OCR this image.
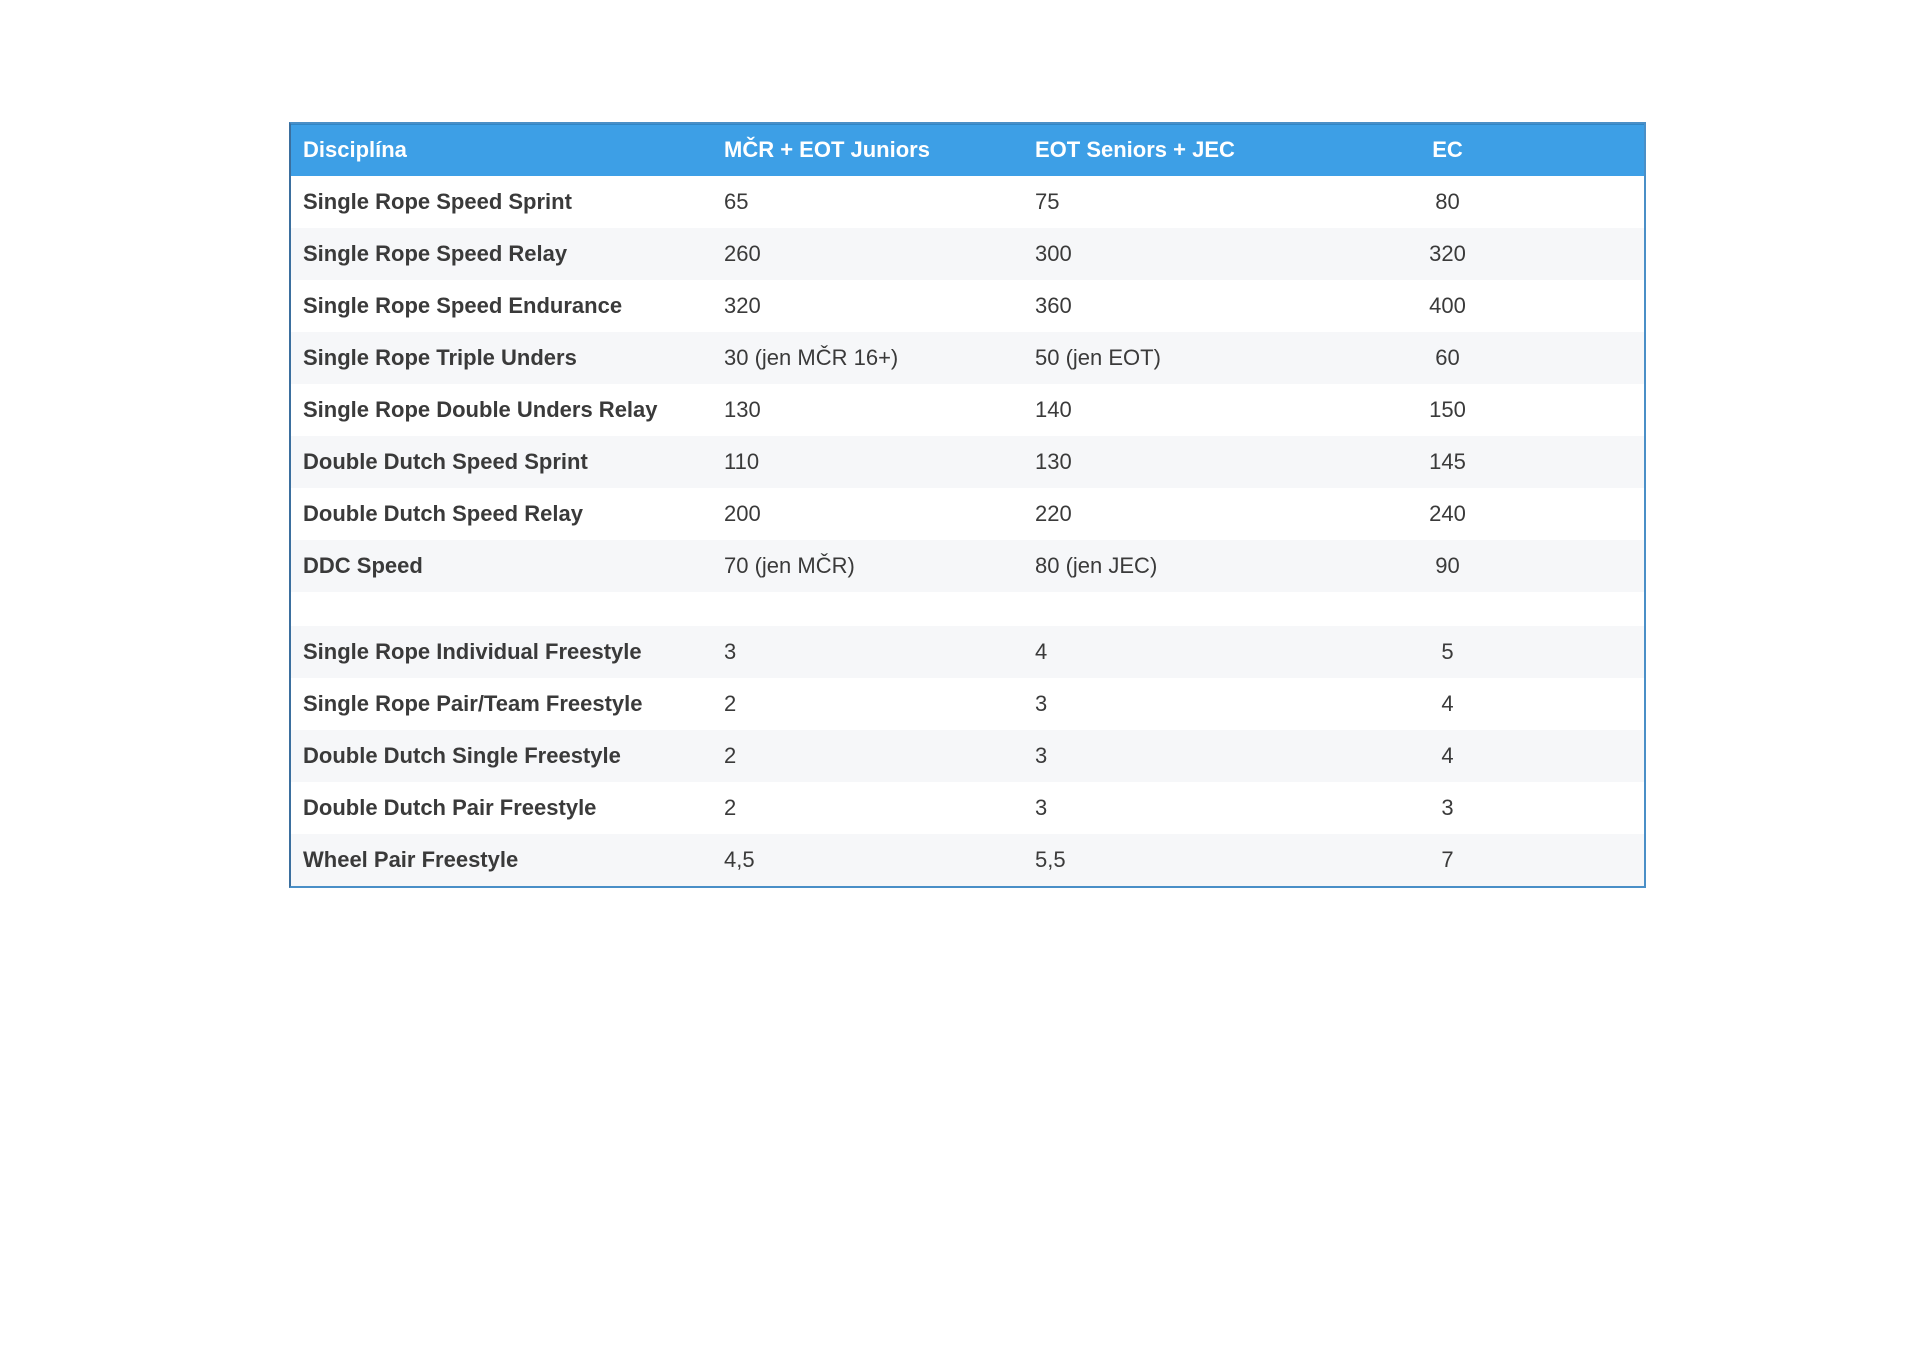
Disciplína	MČR + EOT Juniors	EOT Seniors + JEC	EC
Single Rope Speed Sprint	65	75	80
Single Rope Speed Relay	260	300	320
Single Rope Speed Endurance	320	360	400
Single Rope Triple Unders	30 (jen MČR 16+)	50 (jen EOT)	60
Single Rope Double Unders Relay	130	140	150
Double Dutch Speed Sprint	110	130	145
Double Dutch Speed Relay	200	220	240
DDC Speed	70 (jen MČR)	80 (jen JEC)	90

Single Rope Individual Freestyle	3	4	5
Single Rope Pair/Team Freestyle	2	3	4
Double Dutch Single Freestyle	2	3	4
Double Dutch Pair Freestyle	2	3	3
Wheel Pair Freestyle	4,5	5,5	7
